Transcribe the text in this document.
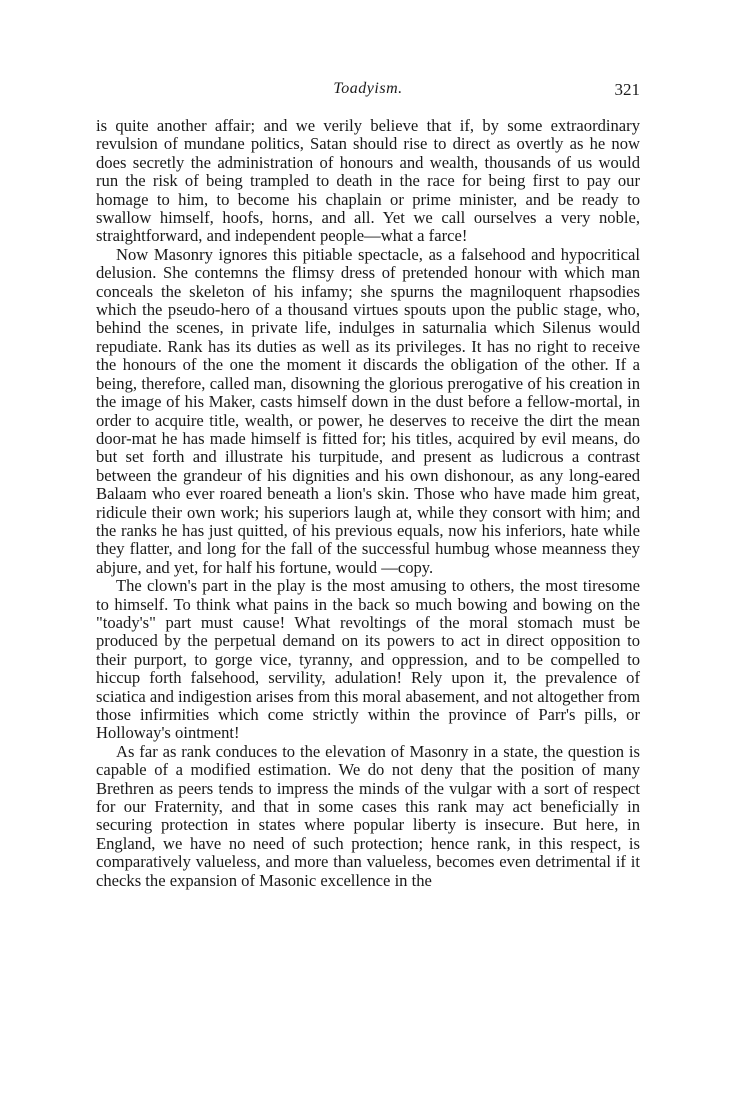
Toadyism.	321

is quite another affair; and we verily believe that if, by some extraordinary revulsion of mundane politics, Satan should rise to direct as overtly as he now does secretly the administration of honours and wealth, thousands of us would run the risk of being trampled to death in the race for being first to pay our homage to him, to become his chaplain or prime minister, and be ready to swallow himself, hoofs, horns, and all. Yet we call ourselves a very noble, straightforward, and independent people—what a farce!

Now Masonry ignores this pitiable spectacle, as a falsehood and hypocritical delusion. She contemns the flimsy dress of pretended honour with which man conceals the skeleton of his infamy; she spurns the magniloquent rhapsodies which the pseudo-hero of a thousand virtues spouts upon the public stage, who, behind the scenes, in private life, indulges in saturnalia which Silenus would repudiate. Rank has its duties as well as its privileges. It has no right to receive the honours of the one the moment it discards the obligation of the other. If a being, therefore, called man, disowning the glorious prerogative of his creation in the image of his Maker, casts himself down in the dust before a fellow-mortal, in order to acquire title, wealth, or power, he deserves to receive the dirt the mean door-mat he has made himself is fitted for; his titles, acquired by evil means, do but set forth and illustrate his turpitude, and present as ludicrous a contrast between the grandeur of his dignities and his own dishonour, as any long-eared Balaam who ever roared beneath a lion's skin. Those who have made him great, ridicule their own work; his superiors laugh at, while they consort with him; and the ranks he has just quitted, of his previous equals, now his inferiors, hate while they flatter, and long for the fall of the successful humbug whose meanness they abjure, and yet, for half his fortune, would —copy.

The clown's part in the play is the most amusing to others, the most tiresome to himself. To think what pains in the back so much bowing and bowing on the "toady's" part must cause! What revoltings of the moral stomach must be produced by the perpetual demand on its powers to act in direct opposition to their purport, to gorge vice, tyranny, and oppression, and to be compelled to hiccup forth falsehood, servility, adulation! Rely upon it, the prevalence of sciatica and indigestion arises from this moral abasement, and not altogether from those infirmities which come strictly within the province of Parr's pills, or Holloway's ointment!

As far as rank conduces to the elevation of Masonry in a state, the question is capable of a modified estimation. We do not deny that the position of many Brethren as peers tends to impress the minds of the vulgar with a sort of respect for our Fraternity, and that in some cases this rank may act beneficially in securing protection in states where popular liberty is insecure. But here, in England, we have no need of such protection; hence rank, in this respect, is comparatively valueless, and more than valueless, becomes even detrimental if it checks the expansion of Masonic excellence in the
